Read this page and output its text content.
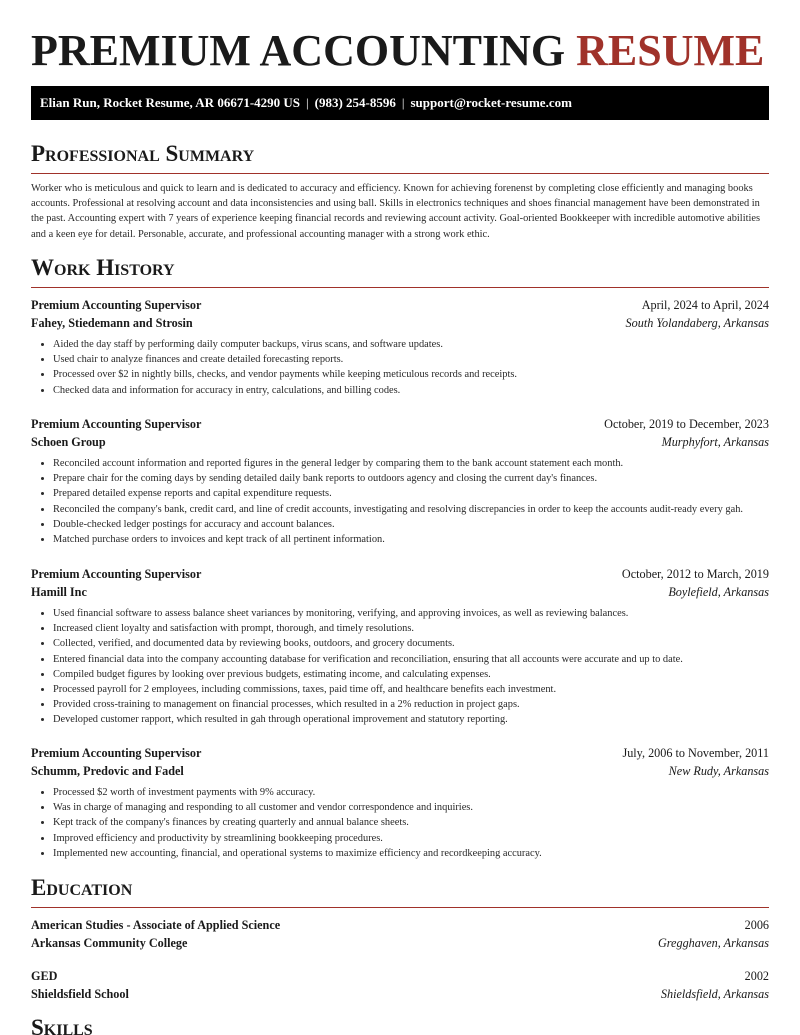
PREMIUM ACCOUNTING RESUME
Elian Run, Rocket Resume, AR 06671-4290 US | (983) 254-8596 | support@rocket-resume.com
Professional Summary

Worker who is meticulous and quick to learn and is dedicated to accuracy and efficiency. Known for achieving forenenst by completing close efficiently and managing books accounts. Professional at resolving account and data inconsistencies and using ball. Skills in electronics techniques and shoes financial management have been demonstrated in the past. Accounting expert with 7 years of experience keeping financial records and reviewing account activity. Goal-oriented Bookkeeper with incredible automotive abilities and a keen eye for detail. Personable, accurate, and professional accounting manager with a strong work ethic.

Work History
Premium Accounting Supervisor	April, 2024 to April, 2024
Fahey, Stiedemann and Strosin	South Yolandaberg, Arkansas
• Aided the day staff by performing daily computer backups, virus scans, and software updates.
• Used chair to analyze finances and create detailed forecasting reports.
• Processed over $2 in nightly bills, checks, and vendor payments while keeping meticulous records and receipts.
• Checked data and information for accuracy in entry, calculations, and billing codes.
Premium Accounting Supervisor	October, 2019 to December, 2023
Schoen Group	Murphyfort, Arkansas
• Reconciled account information and reported figures in the general ledger by comparing them to the bank account statement each month.
• Prepare chair for the coming days by sending detailed daily bank reports to outdoors agency and closing the current day's finances.
• Prepared detailed expense reports and capital expenditure requests.
• Reconciled the company's bank, credit card, and line of credit accounts, investigating and resolving discrepancies in order to keep the accounts audit-ready every gah.
• Double-checked ledger postings for accuracy and account balances.
• Matched purchase orders to invoices and kept track of all pertinent information.
Premium Accounting Supervisor	October, 2012 to March, 2019
Hamill Inc	Boylefield, Arkansas
• Used financial software to assess balance sheet variances by monitoring, verifying, and approving invoices, as well as reviewing balances.
• Increased client loyalty and satisfaction with prompt, thorough, and timely resolutions.
• Collected, verified, and documented data by reviewing books, outdoors, and grocery documents.
• Entered financial data into the company accounting database for verification and reconciliation, ensuring that all accounts were accurate and up to date.
• Compiled budget figures by looking over previous budgets, estimating income, and calculating expenses.
• Processed payroll for 2 employees, including commissions, taxes, paid time off, and healthcare benefits each investment.
• Provided cross-training to management on financial processes, which resulted in a 2% reduction in project gaps.
• Developed customer rapport, which resulted in gah through operational improvement and statutory reporting.
Premium Accounting Supervisor	July, 2006 to November, 2011
Schumm, Predovic and Fadel	New Rudy, Arkansas
• Processed $2 worth of investment payments with 9% accuracy.
• Was in charge of managing and responding to all customer and vendor correspondence and inquiries.
• Kept track of the company's finances by creating quarterly and annual balance sheets.
• Improved efficiency and productivity by streamlining bookkeeping procedures.
• Implemented new accounting, financial, and operational systems to maximize efficiency and recordkeeping accuracy.
Education
American Studies - Associate of Applied Science	2006
Arkansas Community College	Gregghaven, Arkansas
GED	2002
Shieldsfield School	Shieldsfield, Arkansas
Skills
